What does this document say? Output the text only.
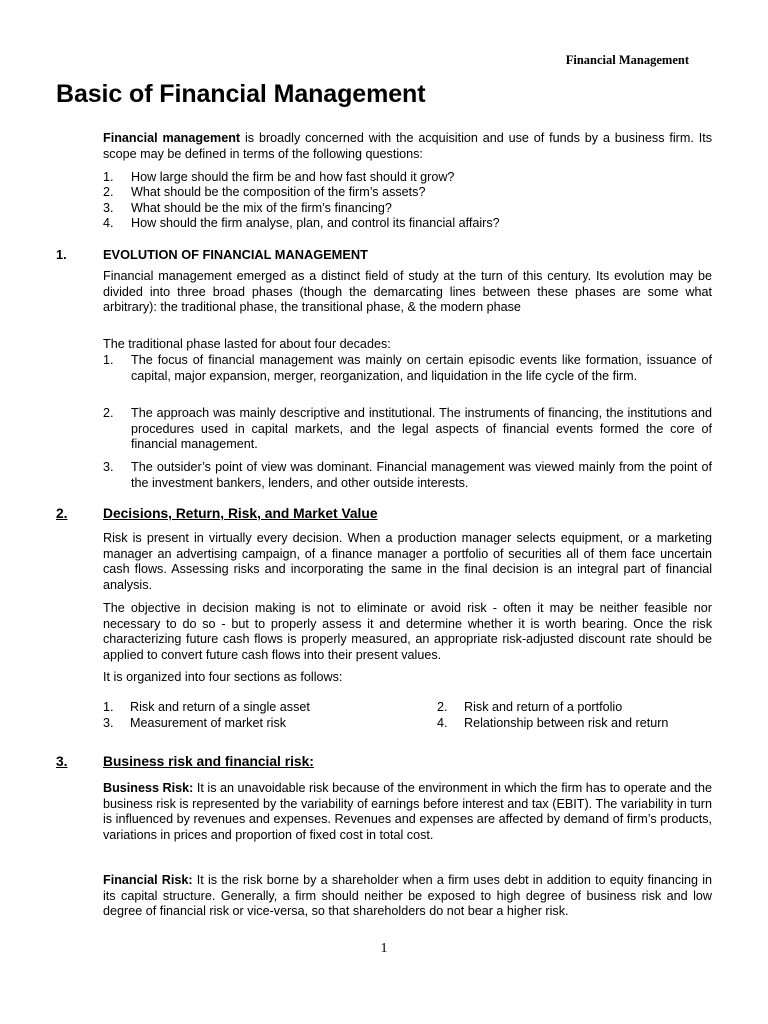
Financial Management
Basic of Financial Management
Financial management is broadly concerned with the acquisition and use of funds by a business firm. Its scope may be defined in terms of the following questions:
1. How large should the firm be and how fast should it grow?
2. What should be the composition of the firm’s assets?
3. What should be the mix of the firm’s financing?
4. How should the firm analyse, plan, and control its financial affairs?
1.	EVOLUTION OF FINANCIAL MANAGEMENT
Financial management emerged as a distinct field of study at the turn of this century. Its evolution may be divided into three broad phases (though the demarcating lines between these phases are some what arbitrary): the traditional phase, the transitional phase, & the modern phase
The traditional phase lasted for about four decades:
1. The focus of financial management was mainly on certain episodic events like formation, issuance of capital, major expansion, merger, reorganization, and liquidation in the life cycle of the firm.
2. The approach was mainly descriptive and institutional. The instruments of financing, the institutions and procedures used in capital markets, and the legal aspects of financial events formed the core of financial management.
3. The outsider’s point of view was dominant. Financial management was viewed mainly from the point of the investment bankers, lenders, and other outside interests.
2.	Decisions, Return, Risk, and Market Value
Risk is present in virtually every decision. When a production manager selects equipment, or a marketing manager an advertising campaign, of a finance manager a portfolio of securities all of them face uncertain cash flows. Assessing risks and incorporating the same in the final decision is an integral part of financial analysis.
The objective in decision making is not to eliminate or avoid risk - often it may be neither feasible nor necessary to do so - but to properly assess it and determine whether it is worth bearing. Once the risk characterizing future cash flows is properly measured, an appropriate risk-adjusted discount rate should be applied to convert future cash flows into their present values.
It is organized into four sections as follows:
1. Risk and return of a single asset	2. Risk and return of a portfolio
3. Measurement of market risk	4. Relationship between risk and return
3.	Business risk and financial risk:
Business Risk: It is an unavoidable risk because of the environment in which the firm has to operate and the business risk is represented by the variability of earnings before interest and tax (EBIT). The variability in turn is influenced by revenues and expenses. Revenues and expenses are affected by demand of firm’s products, variations in prices and proportion of fixed cost in total cost.
Financial Risk: It is the risk borne by a shareholder when a firm uses debt in addition to equity financing in its capital structure. Generally, a firm should neither be exposed to high degree of business risk and low degree of financial risk or vice-versa, so that shareholders do not bear a higher risk.
1
